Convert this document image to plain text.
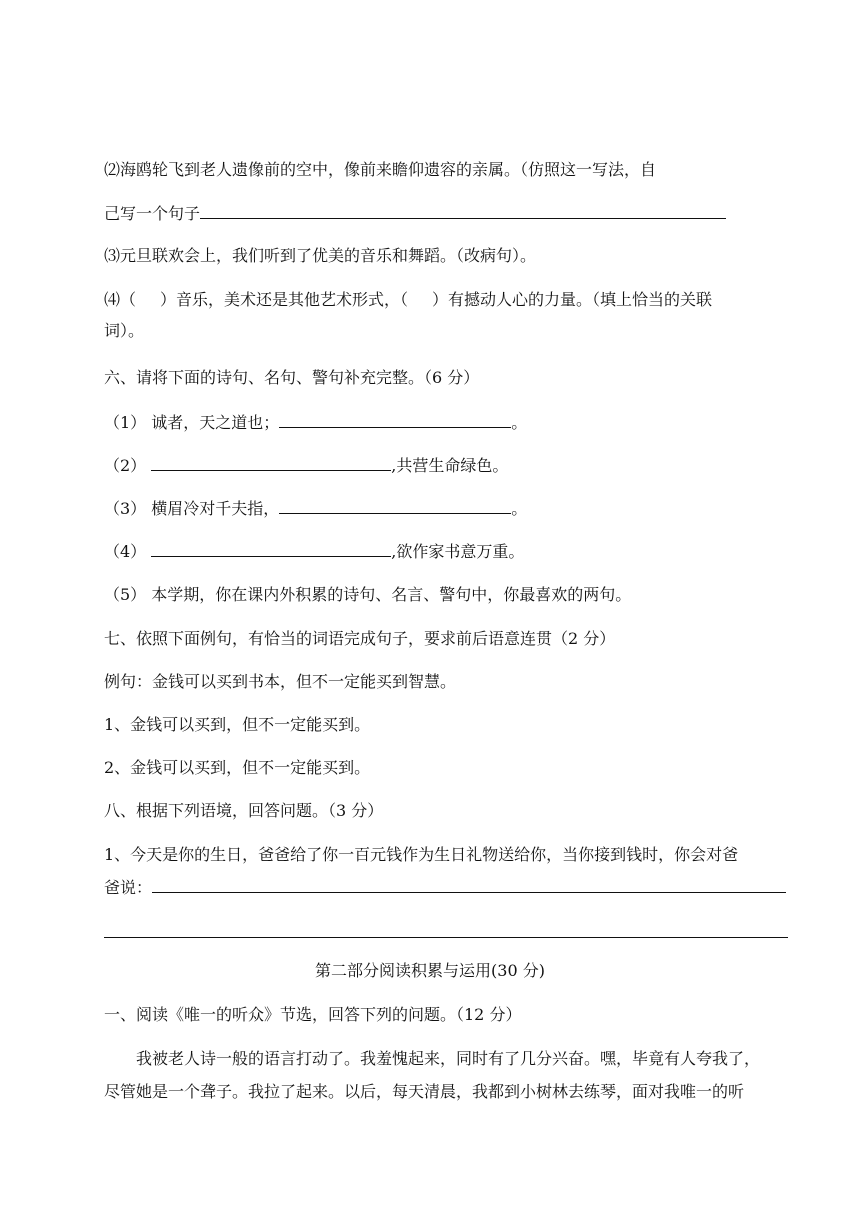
⑵海鸥轮飞到老人遗像前的空中，像前来瞻仰遗容的亲属。（仿照这一写法，自
己写一个句子
⑶元旦联欢会上，我们听到了优美的音乐和舞蹈。（改病句）。
⑷（ ）音乐，美术还是其他艺术形式，（ ）有撼动人心的力量。（填上恰当的关联
词）。
六、请将下面的诗句、名句、警句补充完整。（6 分）
（1） 诚者，天之道也；	。
（2）	,共营生命绿色。
（3） 横眉冷对千夫指，	。
（4）	,欲作家书意万重。
（5） 本学期，你在课内外积累的诗句、名言、警句中，你最喜欢的两句。
七、依照下面例句，有恰当的词语完成句子，要求前后语意连贯（2 分）
例句：金钱可以买到书本，但不一定能买到智慧。
1、金钱可以买到，但不一定能买到。
2、金钱可以买到，但不一定能买到。
八、根据下列语境，回答问题。（3 分）
1、今天是你的生日，爸爸给了你一百元钱作为生日礼物送给你，当你接到钱时，你会对爸
爸说：
第二部分阅读积累与运用(30 分)
一、阅读《唯一的听众》节选，回答下列的问题。（12 分）
我被老人诗一般的语言打动了。我羞愧起来，同时有了几分兴奋。嘿，毕竟有人夸我了，
尽管她是一个聋子。我拉了起来。以后，每天清晨，我都到小树林去练琴，面对我唯一的听
